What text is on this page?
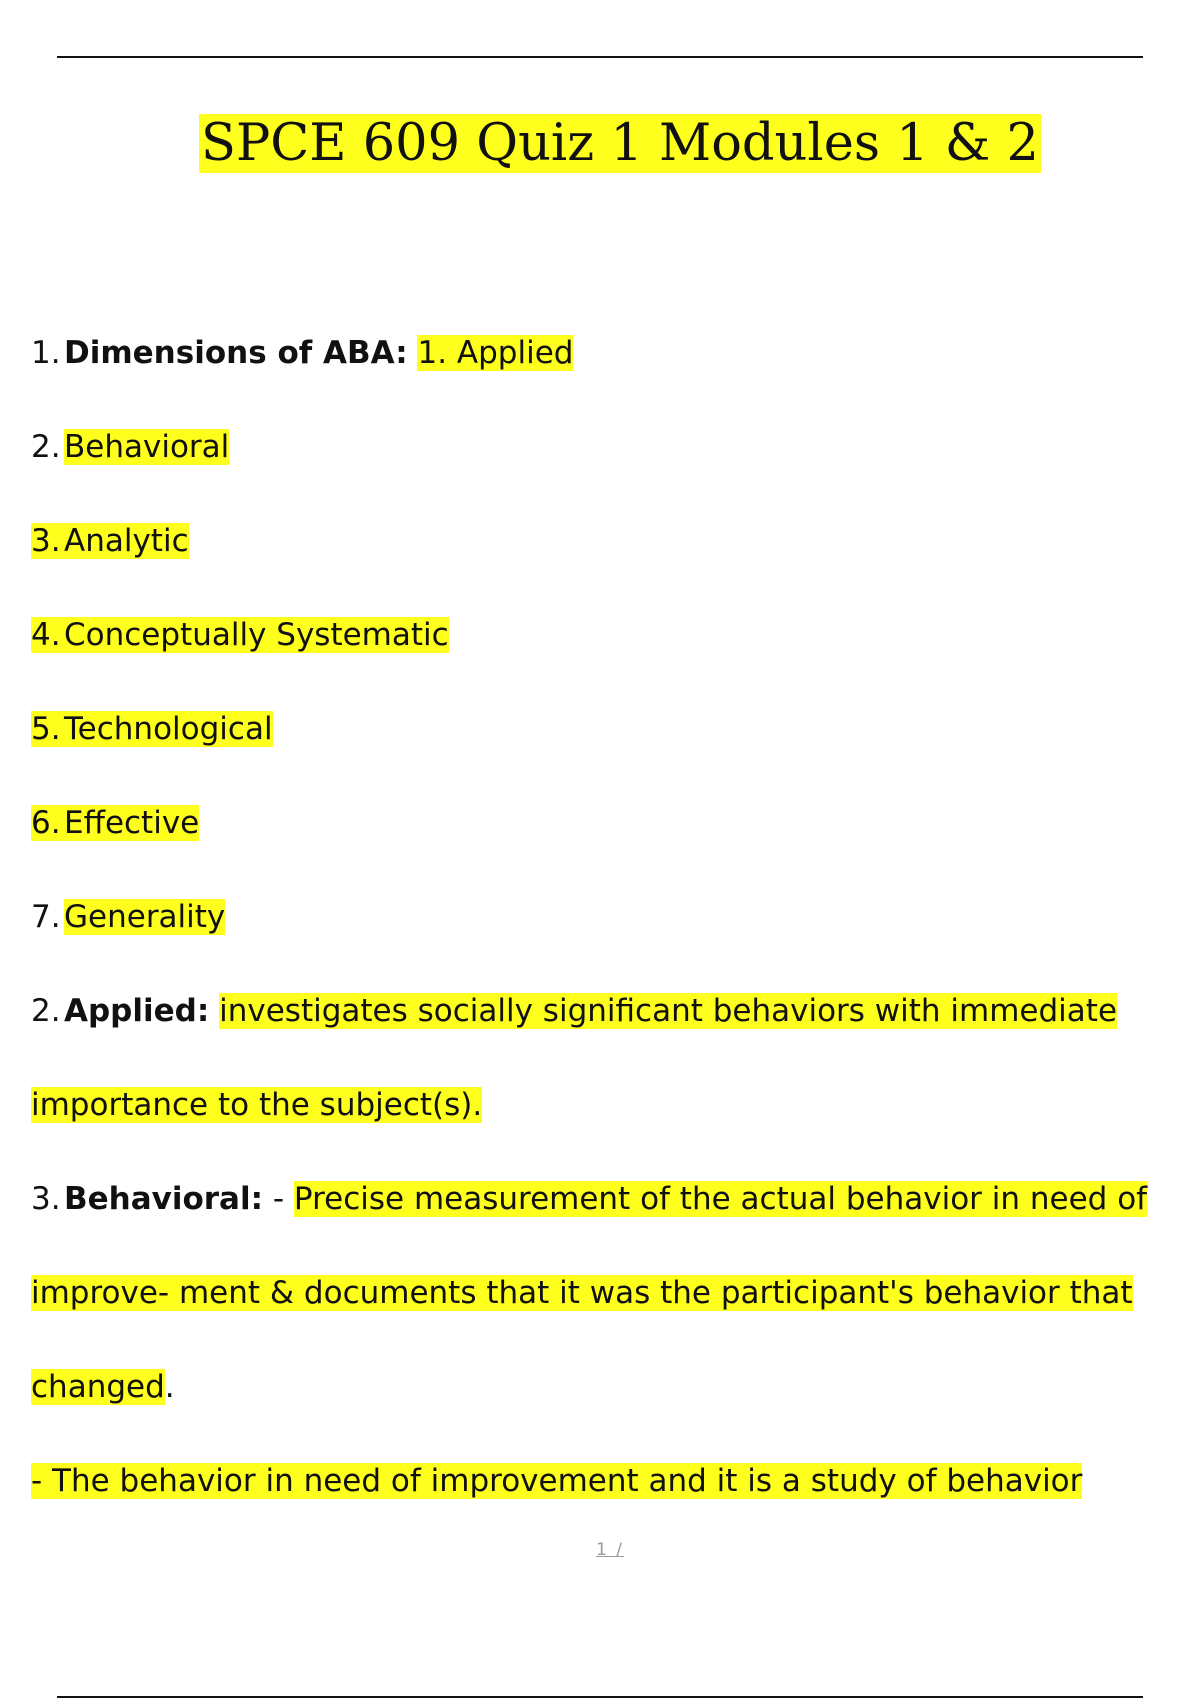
SPCE 609 Quiz 1 Modules 1 & 2
1. Dimensions of ABA: 1. Applied
2. Behavioral
3. Analytic
4. Conceptually Systematic
5. Technological
6. Effective
7. Generality
2. Applied: investigates socially significant behaviors with immediate
importance to the subject(s).
3. Behavioral: - Precise measurement of the actual behavior in need of
improve- ment & documents that it was the participant's behavior that
changed.
- The behavior in need of improvement and it is a study of behavior
1 /
